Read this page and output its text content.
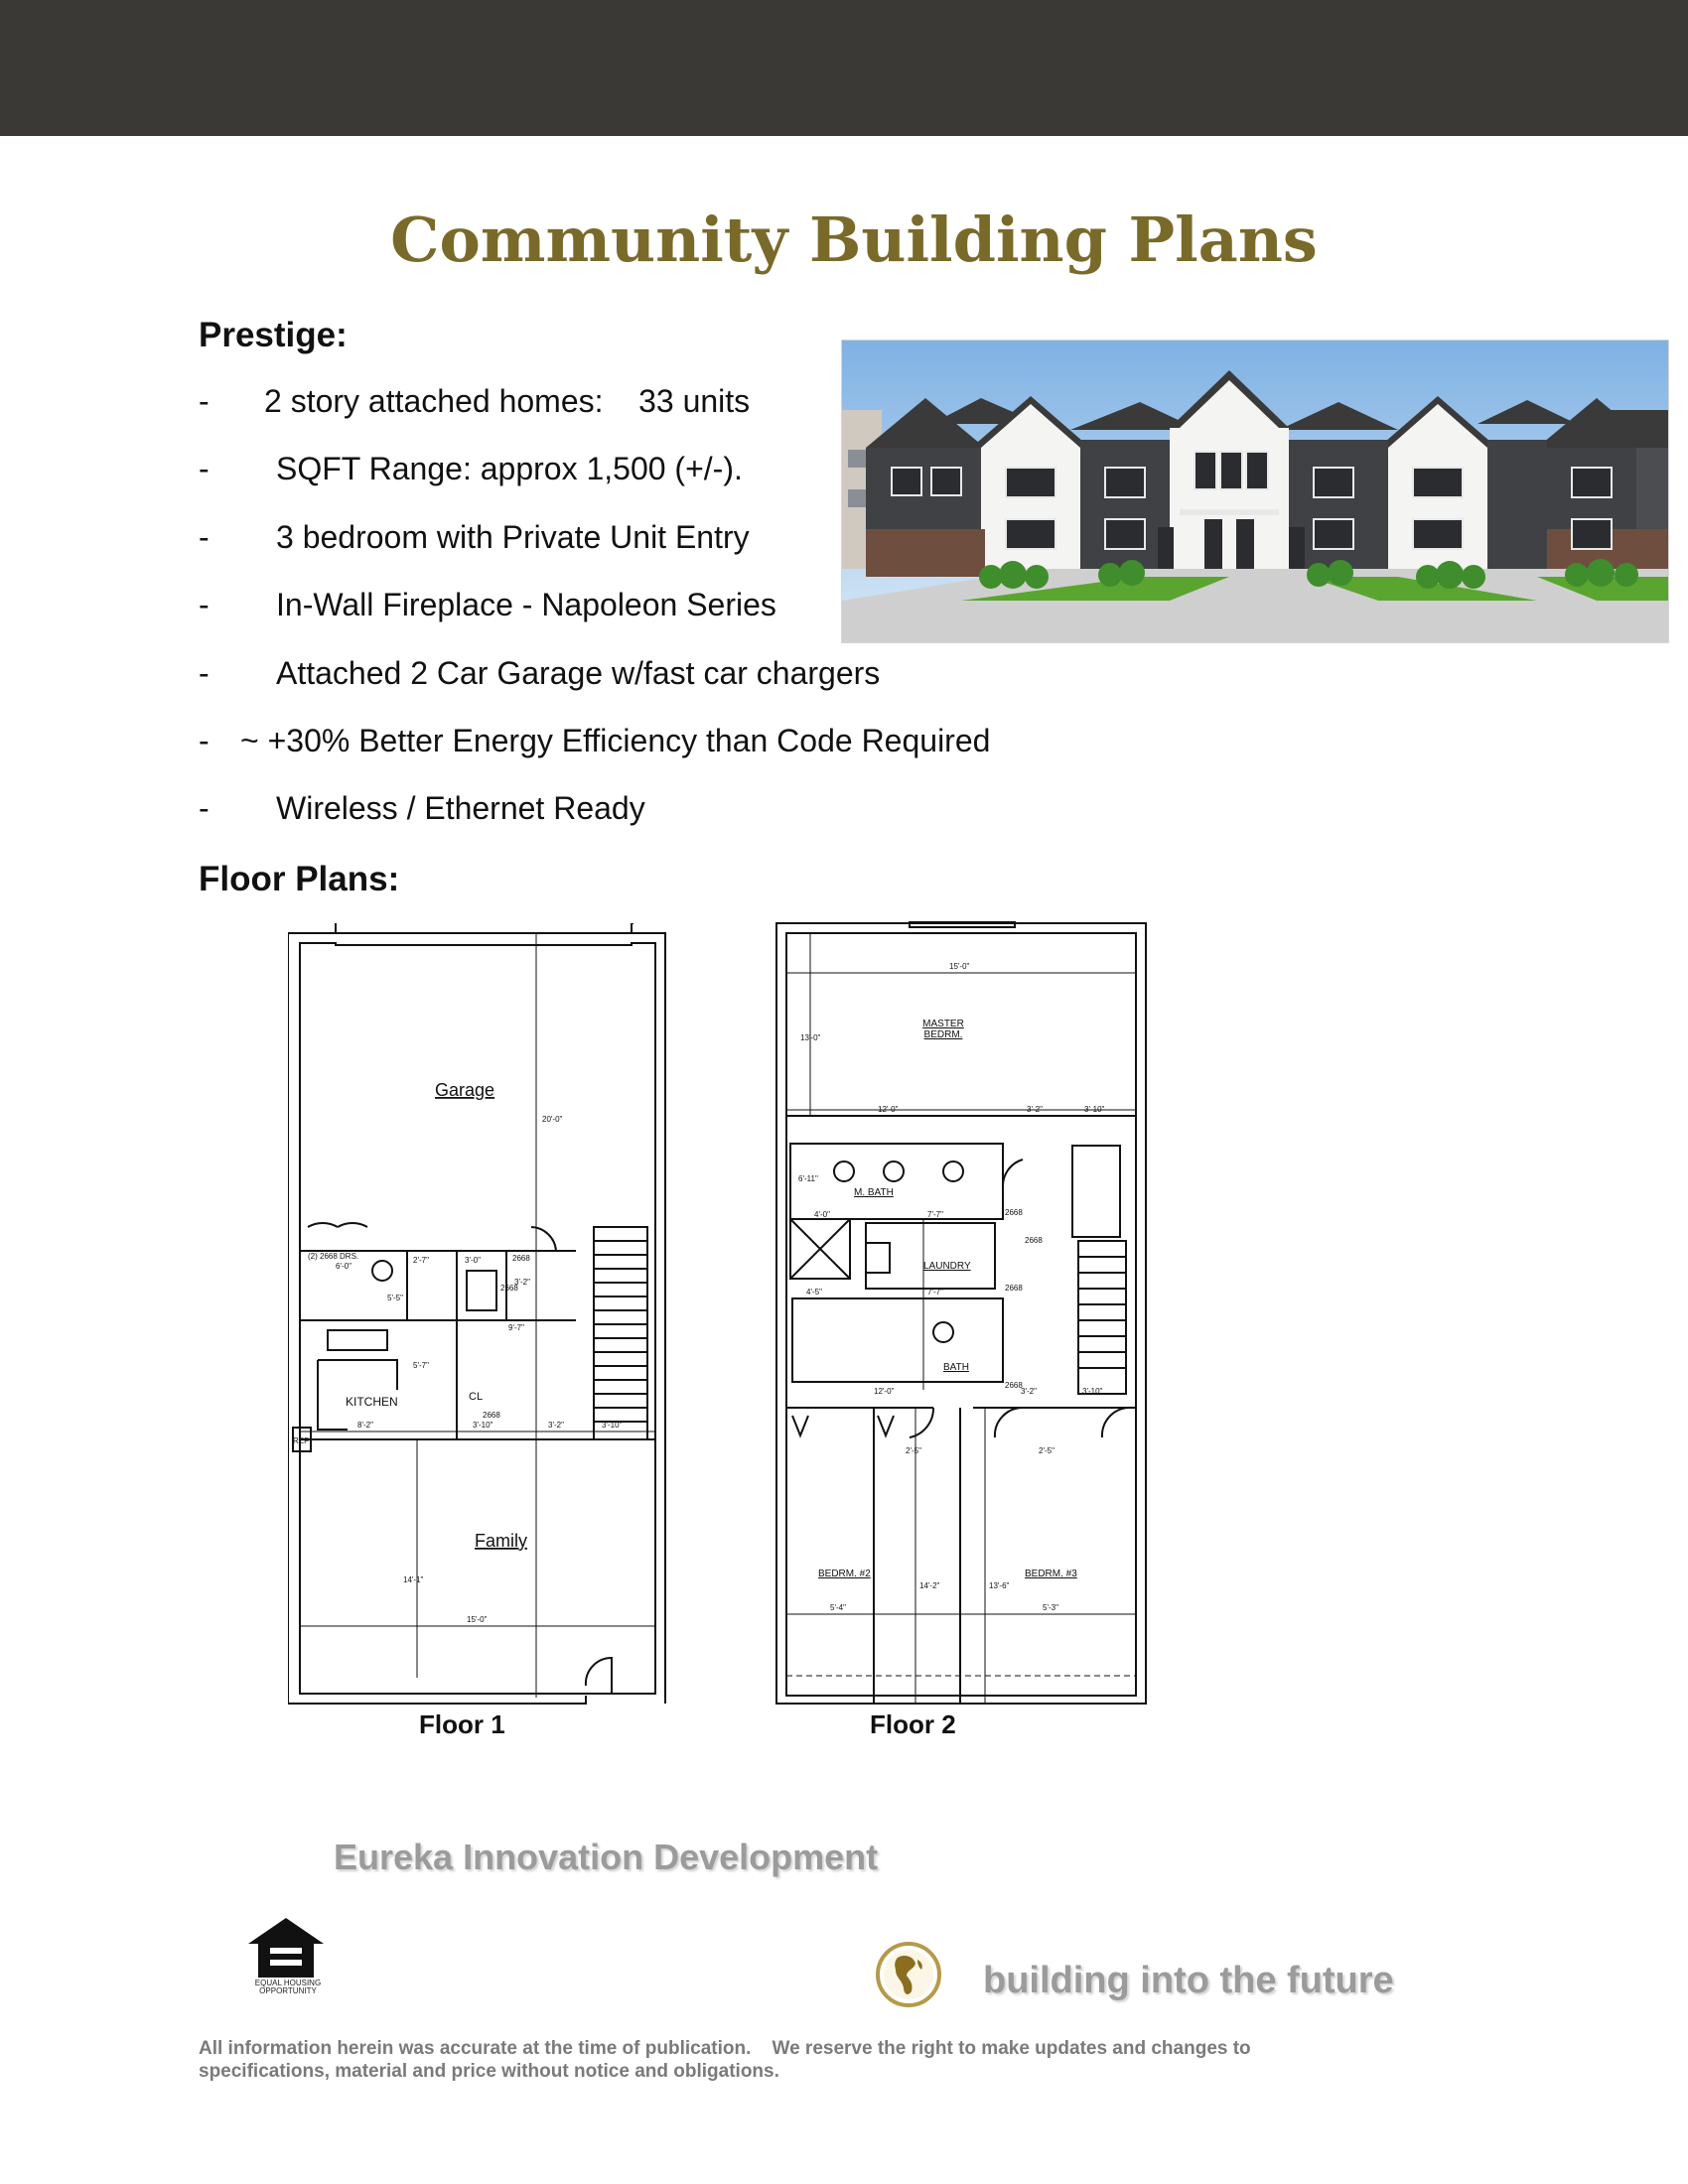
Community Building Plans
Prestige:
- 2 story attached homes:    33 units
- SQFT Range: approx 1,500 (+/-).
- 3 bedroom with Private Unit Entry
- In-Wall Fireplace - Napoleon Series
- Attached 2 Car Garage w/fast car chargers
- ~ +30% Better Energy Efficiency than Code Required
- Wireless / Ethernet Ready
Floor Plans:
Garage
Family
KITCHEN	CL
REF
20'-0"
(2) 2668 DRS.
6'-0"
2'-7"	3'-0"	2668
3'-2"
9'-7"
5'-7"
5'-5"
2668
2668
8'-2"	3'-10"	3'-2"	3'-10"
14'-1"
15'-0"
MASTER BEDRM.
M. BATH
LAUNDRY
BATH
BEDRM. #2	BEDRM. #3
15'-0"
13'-0"
12'-0"	3'-2"	3'-10"
6'-11"
4'-0"	7'-7"	2668
2668
4'-5"	7'-7"	2668
12'-0"	3'-2"	3'-10"
2668
14'-2"	13'-6"
5'-4"	5'-3"
2'-5"	2'-5"
Floor 1	Floor 2
Eureka Innovation Development
EQUAL HOUSING OPPORTUNITY	building into the future
All information herein was accurate at the time of publication.    We reserve the right to make updates and changes to
specifications, material and price without notice and obligations.
